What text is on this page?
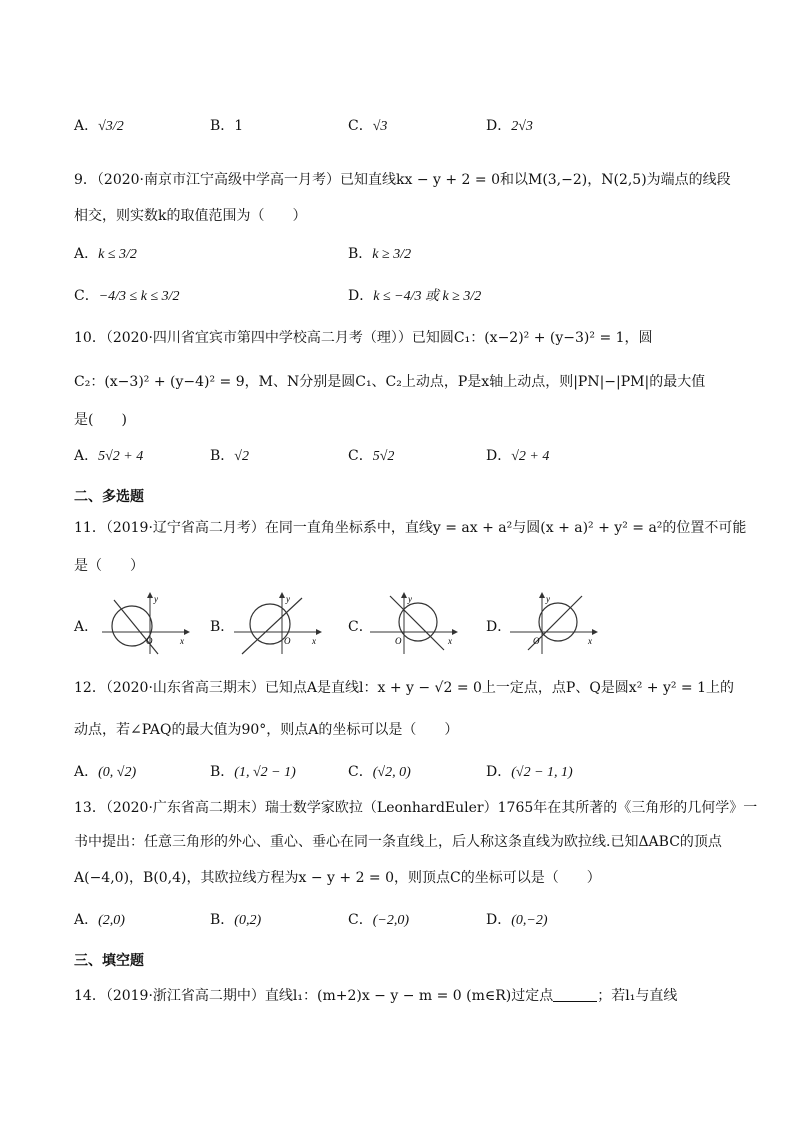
A．√3/2	B．1	C．√3	D．2√3
9．（2020·南京市江宁高级中学高一月考）已知直线kx − y + 2 = 0和以M(3,−2)，N(2,5)为端点的线段
相交，则实数k的取值范围为（　　）
A．k ≤ 3/2	B．k ≥ 3/2
C．−4/3 ≤ k ≤ 3/2	D．k ≤ −4/3 或 k ≥ 3/2
10．（2020·四川省宜宾市第四中学校高二月考（理））已知圆C₁：(x−2)² + (y−3)² = 1，圆
C₂：(x−3)² + (y−4)² = 9，M、N分别是圆C₁、C₂上动点，P是x轴上动点，则|PN|−|PM|的最大值
是(　　)
A．5√2 + 4	B．√2	C．5√2	D．√2 + 4
二、多选题
11．（2019·辽宁省高二月考）在同一直角坐标系中，直线y = ax + a²与圆(x + a)² + y² = a²的位置不可能
是（　　）
A．
y
x
O
B．
y
x
O
C．
y
x
O
D．
y
x
O
12．（2020·山东省高三期末）已知点A是直线l：x + y − √2 = 0上一定点，点P、Q是圆x² + y² = 1上的
动点，若∠PAQ的最大值为90°，则点A的坐标可以是（　　）
A．(0, √2)	B．(1, √2 − 1)	C．(√2, 0)	D．(√2 − 1, 1)
13．（2020·广东省高二期末）瑞士数学家欧拉（LeonhardEuler）1765年在其所著的《三角形的几何学》一
书中提出：任意三角形的外心、重心、垂心在同一条直线上，后人称这条直线为欧拉线.已知ΔABC的顶点
A(−4,0)，B(0,4)，其欧拉线方程为x − y + 2 = 0，则顶点C的坐标可以是（　　）
A．(2,0)	B．(0,2)	C．(−2,0)	D．(0,−2)
三、填空题
14．（2019·浙江省高二期中）直线l₁：(m+2)x − y − m = 0 (m∈R)过定点	；若l₁与直线
